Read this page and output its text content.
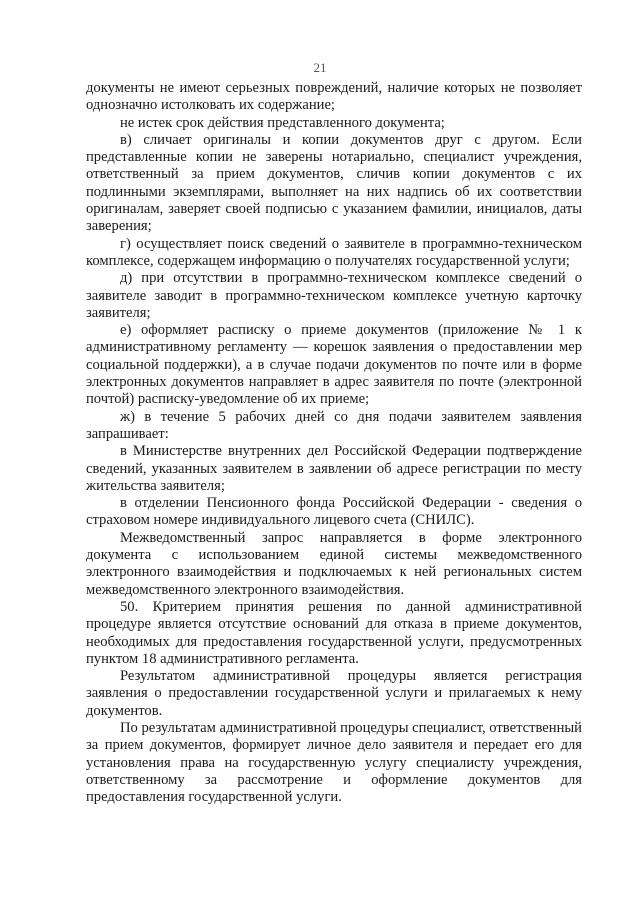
21

документы не имеют серьезных повреждений, наличие которых не позволяет однозначно истолковать их содержание;

не истек срок действия представленного документа;

в) сличает оригиналы и копии документов друг с другом. Если представленные копии не заверены нотариально, специалист учреждения, ответственный за прием документов, сличив копии документов с их подлинными экземплярами, выполняет на них надпись об их соответствии оригиналам, заверяет своей подписью с указанием фамилии, инициалов, даты заверения;

г) осуществляет поиск сведений о заявителе в программно-техническом комплексе, содержащем информацию о получателях государственной услуги;

д) при отсутствии в программно-техническом комплексе сведений о заявителе заводит в программно-техническом комплексе учетную карточку заявителя;

е) оформляет расписку о приеме документов (приложение № 1 к административному регламенту — корешок заявления о предоставлении мер социальной поддержки), а в случае подачи документов по почте или в форме электронных документов направляет в адрес заявителя по почте (электронной почтой) расписку-уведомление об их приеме;

ж) в течение 5 рабочих дней со дня подачи заявителем заявления запрашивает:

в Министерстве внутренних дел Российской Федерации подтверждение сведений, указанных заявителем в заявлении об адресе регистрации по месту жительства заявителя;

в отделении Пенсионного фонда Российской Федерации - сведения о страховом номере индивидуального лицевого счета (СНИЛС).

Межведомственный запрос направляется в форме электронного документа с использованием единой системы межведомственного электронного взаимодействия и подключаемых к ней региональных систем межведомственного электронного взаимодействия.

50. Критерием принятия решения по данной административной процедуре является отсутствие оснований для отказа в приеме документов, необходимых для предоставления государственной услуги, предусмотренных пунктом 18 административного регламента.

Результатом административной процедуры является регистрация заявления о предоставлении государственной услуги и прилагаемых к нему документов.

По результатам административной процедуры специалист, ответственный за прием документов, формирует личное дело заявителя и передает его для установления права на государственную услугу специалисту учреждения, ответственному за рассмотрение и оформление документов для предоставления государственной услуги.
